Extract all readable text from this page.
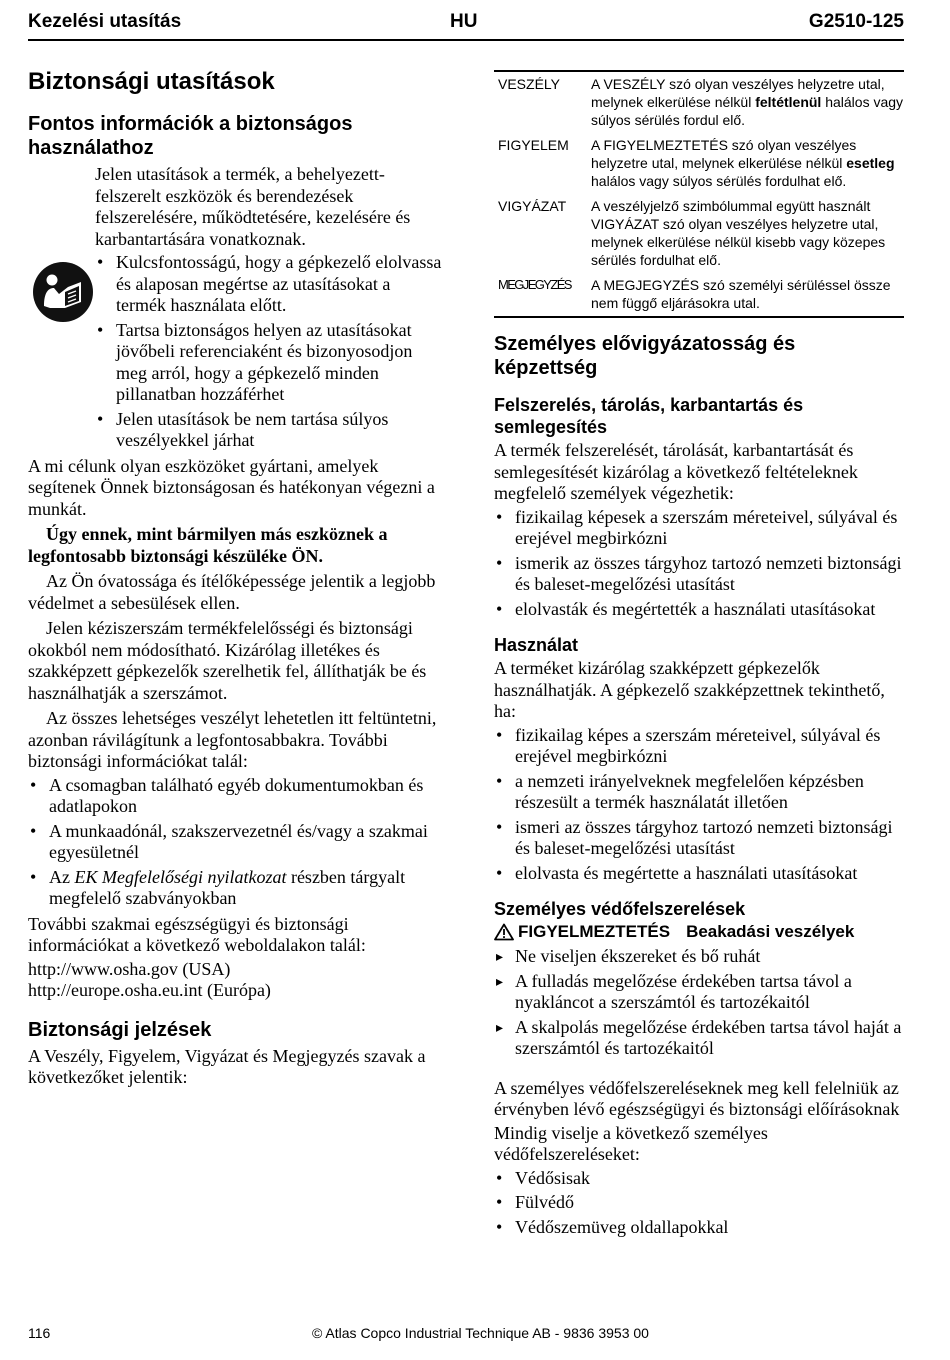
Kezelési utasítás	HU	G2510-125
Biztonsági utasítások
Fontos információk a biztonságos használathoz

Jelen utasítások a termék, a behelyezett-felszerelt eszközök és berendezések felszerelésére, működtetésére, kezelésére és karbantartására vonatkoznak.

• Kulcsfontosságú, hogy a gépkezelő elolvassa és alaposan megértse az utasításokat a termék használata előtt.
• Tartsa biztonságos helyen az utasításokat jövőbeli referenciaként és bizonyosodjon meg arról, hogy a gépkezelő minden pillanatban hozzáférhet
• Jelen utasítások be nem tartása súlyos veszélyekkel járhat

A mi célunk olyan eszközöket gyártani, amelyek segítenek Önnek biztonságosan és hatékonyan végezni a munkát.

Úgy ennek, mint bármilyen más eszköznek a legfontosabb biztonsági készüléke ÖN.

Az Ön óvatossága és ítélőképessége jelentik a legjobb védelmet a sebesülések ellen.

Jelen kéziszerszám termékfelelősségi és biztonsági okokból nem módosítható. Kizárólag illetékes és szakképzett gépkezelők szerelhetik fel, állíthatják be és használhatják a szerszámot.

Az összes lehetséges veszélyt lehetetlen itt feltüntetni, azonban rávilágítunk a legfontosabbakra. További biztonsági információkat talál:

• A csomagban található egyéb dokumentumokban és adatlapokon
• A munkaadónál, szakszervezetnél és/vagy a szakmai egyesületnél
• Az EK Megfelelőségi nyilatkozat részben tárgyalt megfelelő szabványokban

További szakmai egészségügyi és biztonsági információkat a következő weboldalakon talál:

http://www.osha.gov (USA)

http://europe.osha.eu.int (Európa)

Biztonsági jelzések

A Veszély, Figyelem, Vigyázat és Megjegyzés szavak a következőket jelentik:

VESZÉLY	A VESZÉLY szó olyan veszélyes helyzetre utal, melynek elkerülése nélkül feltétlenül halálos vagy súlyos sérülés fordul elő.
FIGYELEM	A FIGYELMEZTETÉS szó olyan veszélyes helyzetre utal, melynek elkerülése nélkül esetleg halálos vagy súlyos sérülés fordulhat elő.
VIGYÁZAT	A veszélyjelző szimbólummal együtt használt VIGYÁZAT szó olyan veszélyes helyzetre utal, melynek elkerülése nélkül kisebb vagy közepes sérülés fordulhat elő.
MEGJEGYZÉS	A MEGJEGYZÉS szó személyi sérüléssel össze nem függő eljárásokra utal.
Személyes elővigyázatosság és képzettség
Felszerelés, tárolás, karbantartás és semlegesítés

A termék felszerelését, tárolását, karbantartását és semlegesítését kizárólag a következő feltételeknek megfelelő személyek végezhetik:

• fizikailag képesek a szerszám méreteivel, súlyával és erejével megbirkózni
• ismerik az összes tárgyhoz tartozó nemzeti biztonsági és baleset-megelőzési utasítást
• elolvasták és megértették a használati utasításokat
Használat

A terméket kizárólag szakképzett gépkezelők használhatják. A gépkezelő szakképzettnek tekinthető, ha:

• fizikailag képes a szerszám méreteivel, súlyával és erejével megbirkózni
• a nemzeti irányelveknek megfelelően képzésben részesült a termék használatát illetően
• ismeri az összes tárgyhoz tartozó nemzeti biztonsági és baleset-megelőzési utasítást
• elolvasta és megértette a használati utasításokat
Személyes védőfelszerelések
FIGYELMEZTETÉS Beakadási veszélyek
▸ Ne viseljen ékszereket és bő ruhát
▸ A fulladás megelőzése érdekében tartsa távol a nyakláncot a szerszámtól és tartozékaitól
▸ A skalpolás megelőzése érdekében tartsa távol haját a szerszámtól és tartozékaitól

A személyes védőfelszereléseknek meg kell felelniük az érvényben lévő egészségügyi és biztonsági előírásoknak

Mindig viselje a következő személyes védőfelszereléseket:

• Védősisak
• Fülvédő
• Védőszemüveg oldallapokkal
116	© Atlas Copco Industrial Technique AB - 9836 3953 00
